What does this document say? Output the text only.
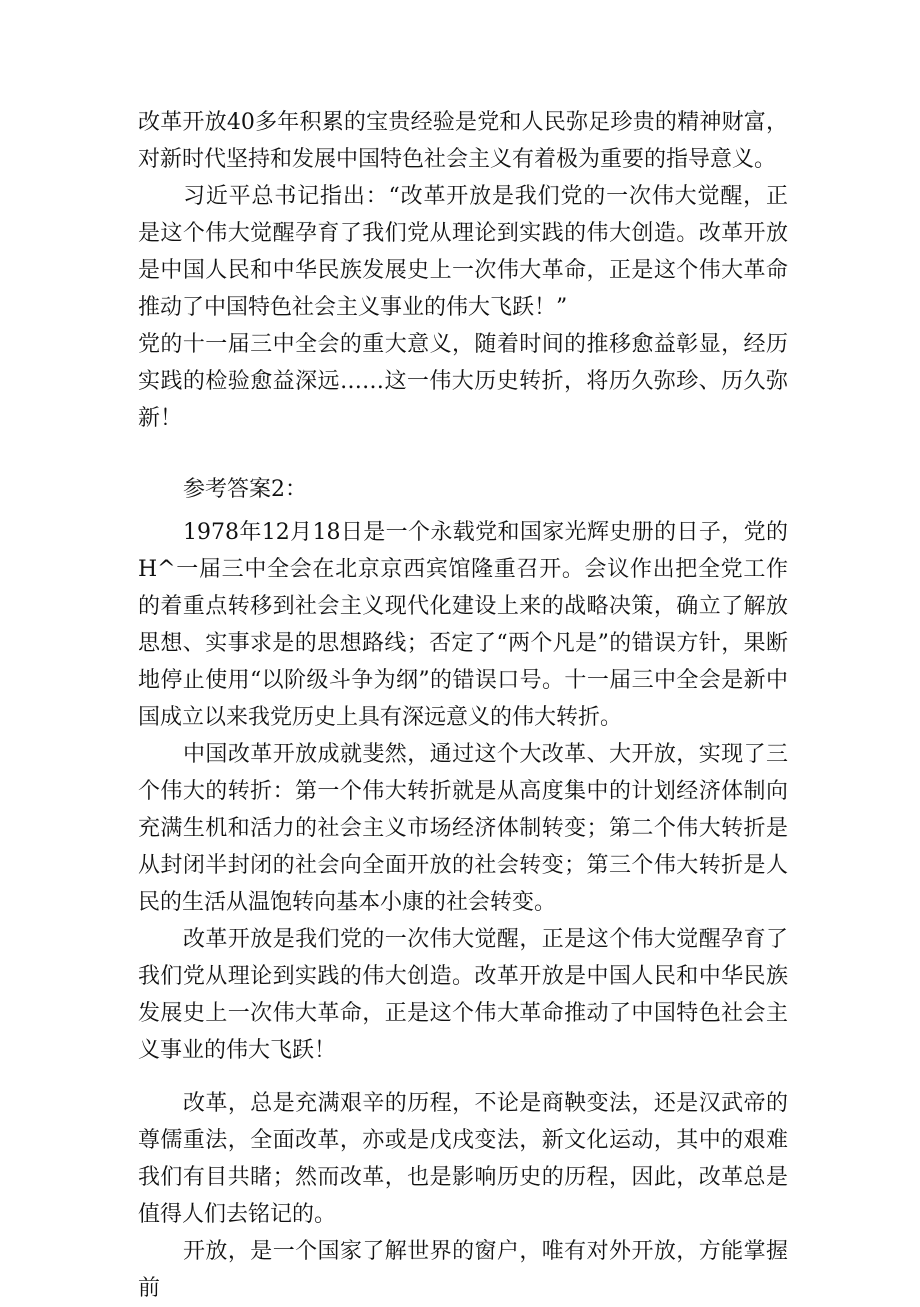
改革开放40多年积累的宝贵经验是党和人民弥足珍贵的精神财富，对新时代坚持和发展中国特色社会主义有着极为重要的指导意义。

习近平总书记指出：“改革开放是我们党的一次伟大觉醒，正是这个伟大觉醒孕育了我们党从理论到实践的伟大创造。改革开放是中国人民和中华民族发展史上一次伟大革命，正是这个伟大革命推动了中国特色社会主义事业的伟大飞跃！”

党的十一届三中全会的重大意义，随着时间的推移愈益彰显，经历实践的检验愈益深远……这一伟大历史转折，将历久弥珍、历久弥新！

参考答案2：

1978年12月18日是一个永载党和国家光辉史册的日子，党的H^一届三中全会在北京京西宾馆隆重召开。会议作出把全党工作的着重点转移到社会主义现代化建设上来的战略决策，确立了解放思想、实事求是的思想路线；否定了“两个凡是”的错误方针，果断地停止使用“以阶级斗争为纲”的错误口号。十一届三中全会是新中国成立以来我党历史上具有深远意义的伟大转折。

中国改革开放成就斐然，通过这个大改革、大开放，实现了三个伟大的转折：第一个伟大转折就是从高度集中的计划经济体制向充满生机和活力的社会主义市场经济体制转变；第二个伟大转折是从封闭半封闭的社会向全面开放的社会转变；第三个伟大转折是人民的生活从温饱转向基本小康的社会转变。

改革开放是我们党的一次伟大觉醒，正是这个伟大觉醒孕育了我们党从理论到实践的伟大创造。改革开放是中国人民和中华民族发展史上一次伟大革命，正是这个伟大革命推动了中国特色社会主义事业的伟大飞跃！

改革，总是充满艰辛的历程，不论是商鞅变法，还是汉武帝的尊儒重法，全面改革，亦或是戊戌变法，新文化运动，其中的艰难我们有目共睹；然而改革，也是影响历史的历程，因此，改革总是值得人们去铭记的。

开放，是一个国家了解世界的窗户，唯有对外开放，方能掌握前
